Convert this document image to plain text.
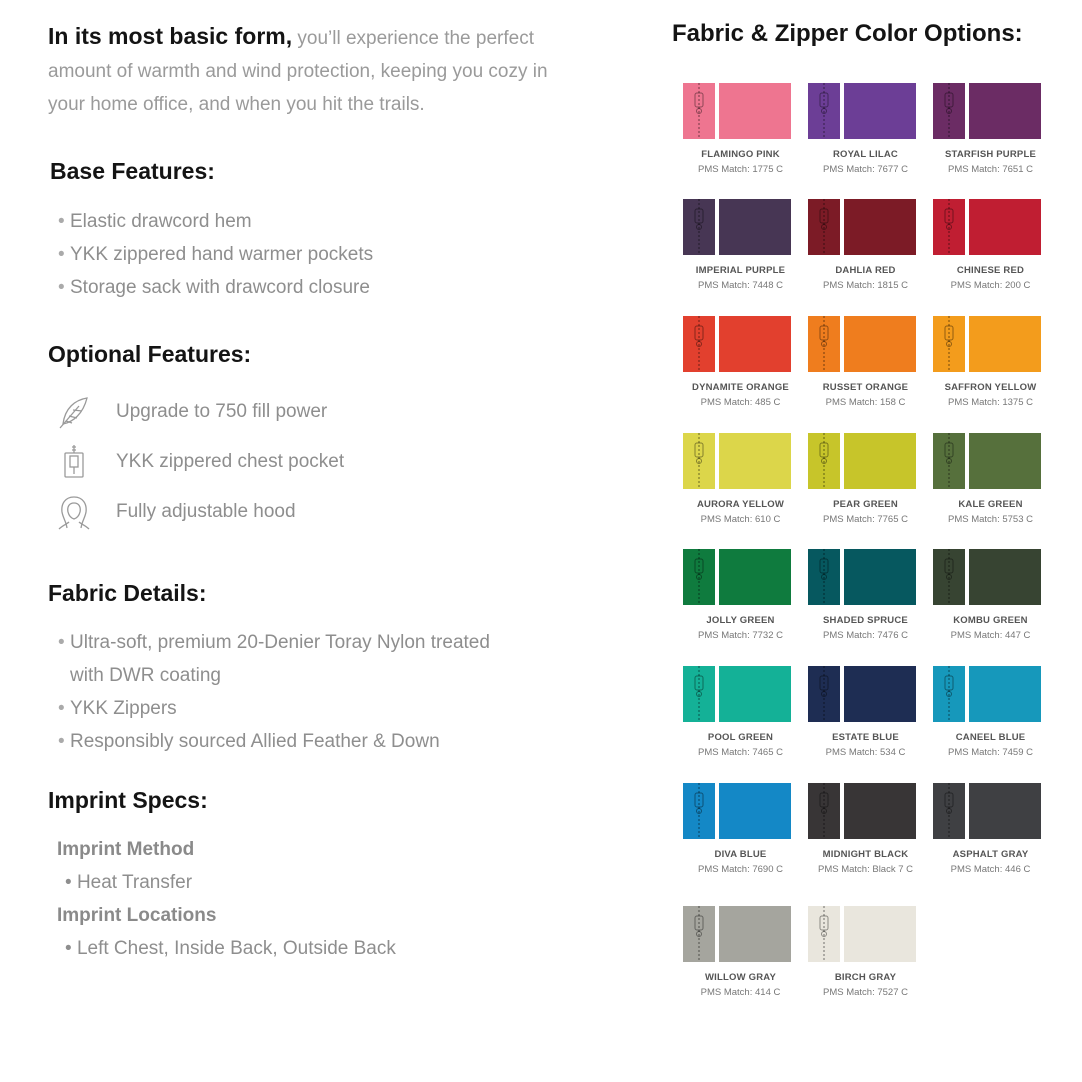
In its most basic form, you’ll experience the perfect amount of warmth and wind protection, keeping you cozy in your home office, and when you hit the trails.
Base Features:
• Elastic drawcord hem
• YKK zippered hand warmer pockets
• Storage sack with drawcord closure
Optional Features:
Upgrade to 750 fill power
YKK zippered chest pocket
Fully adjustable hood
Fabric Details:
• Ultra-soft, premium 20-Denier Toray Nylon treated
with DWR coating
• YKK Zippers
• Responsibly sourced Allied Feather & Down
Imprint Specs:
Imprint Method
• Heat Transfer
Imprint Locations
• Left Chest, Inside Back, Outside Back
Fabric & Zipper Color Options:
FLAMINGO PINK
PMS Match: 1775 C
ROYAL LILAC
PMS Match: 7677 C
STARFISH PURPLE
PMS Match: 7651 C
IMPERIAL PURPLE
PMS Match: 7448 C
DAHLIA RED
PMS Match: 1815 C
CHINESE RED
PMS Match: 200 C
DYNAMITE ORANGE
PMS Match: 485 C
RUSSET ORANGE
PMS Match: 158 C
SAFFRON YELLOW
PMS Match: 1375 C
AURORA YELLOW
PMS Match: 610 C
PEAR GREEN
PMS Match: 7765 C
KALE GREEN
PMS Match: 5753 C
JOLLY GREEN
PMS Match: 7732 C
SHADED SPRUCE
PMS Match: 7476 C
KOMBU GREEN
PMS Match: 447 C
POOL GREEN
PMS Match: 7465 C
ESTATE BLUE
PMS Match: 534 C
CANEEL BLUE
PMS Match: 7459 C
DIVA BLUE
PMS Match: 7690 C
MIDNIGHT BLACK
PMS Match: Black 7 C
ASPHALT GRAY
PMS Match: 446 C
WILLOW GRAY
PMS Match: 414 C
BIRCH GRAY
PMS Match: 7527 C
